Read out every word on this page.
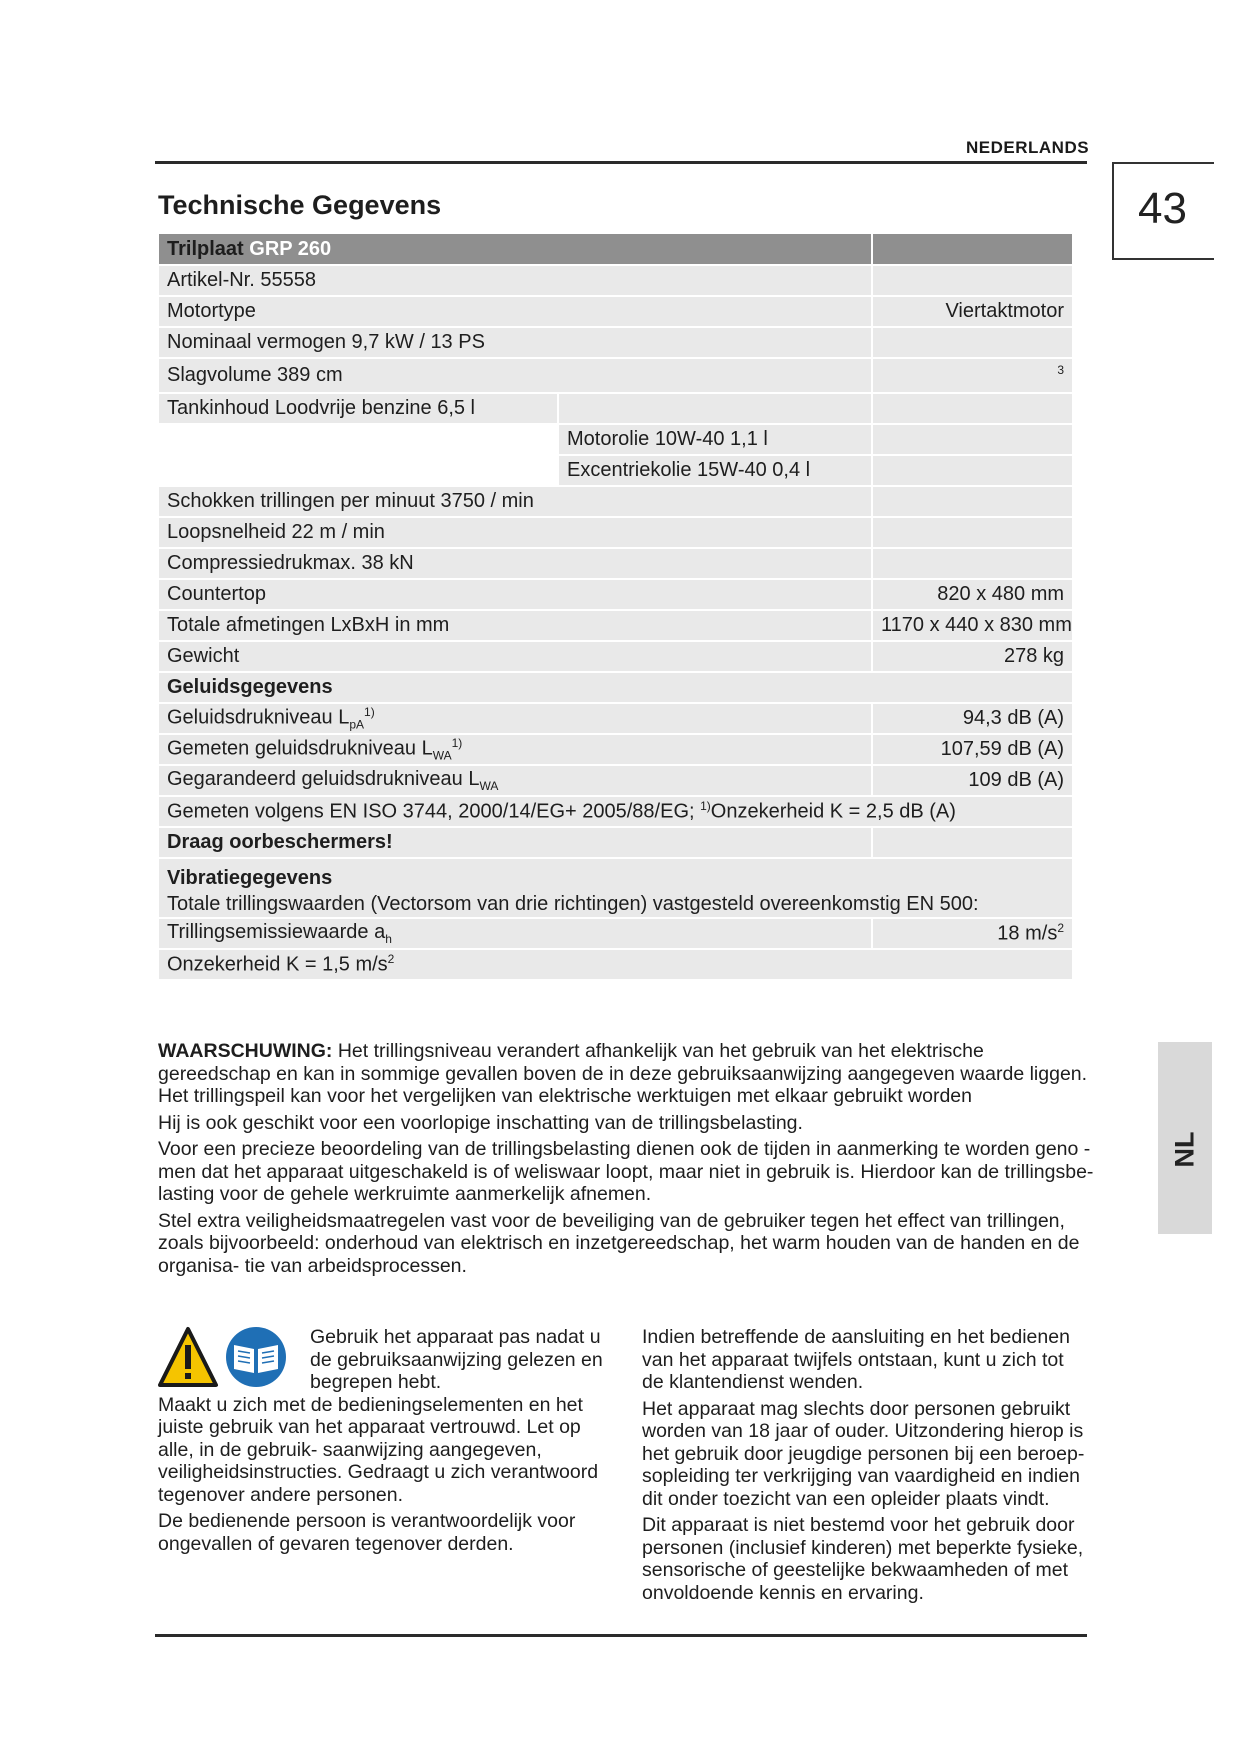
NEDERLANDS
43
Technische Gegevens
NL
Trilplaat GRP 260		
Artikel-Nr. 55558		
Motortype		Viertaktmotor
Nominaal vermogen 9,7 kW / 13 PS		
Slagvolume 389 cm		3
Tankinhoud Loodvrije benzine 6,5 l		
	Motorolie 10W-40 1,1 l	
	Excentriekolie 15W-40 0,4 l	
Schokken trillingen per minuut 3750 / min		
Loopsnelheid 22 m / min		
Compressiedrukmax. 38 kN		
Countertop		820 x 480 mm
Totale afmetingen LxBxH in mm		1170 x 440 x 830 mm
Gewicht		278 kg
Geluidsgegevens		
Geluidsdrukniveau $L_{pA}^{1)}$		94,3 dB (A)
Gemeten geluidsdrukniveau $L_{WA}^{1)}$		107,59 dB (A)
Gegarandeerd geluidsdrukniveau $L_{WA}$		109 dB (A)
Gemeten volgens EN ISO 3744, 2000/14/EG+ 2005/88/EG; $^{1)}$Onzekerheid K = 2,5 dB (A)		
Draag oorbeschermers!		
Vibratiegegevens
Totale trillingswaarden (Vectorsom van drie richtingen) vastgesteld overeenkomstig EN 500:		
Trillingsemissiewaarde $a_h$		18 $m/s^2$
Onzekerheid K = 1,5 $m/s^2$

WAARSCHUWING: Het trillingsniveau verandert afhankelijk van het gebruik van het elektrische gereedschap en kan in sommige gevallen boven de in deze gebruiksaanwijzing aangegeven waarde liggen.
Het trillingspeil kan voor het vergelijken van elektrische werktuigen met elkaar gebruikt worden

Hij is ook geschikt voor een voorlopige inschatting van de trillingsbelasting.

Voor een precieze beoordeling van de trillingsbelasting dienen ook de tijden in aanmerking te worden geno - men dat het apparaat uitgeschakeld is of weliswaar loopt, maar niet in gebruik is. Hierdoor kan de trillingsbe- lasting voor de gehele werkruimte aanmerkelijk afnemen.

Stel extra veiligheidsmaatregelen vast voor de beveiliging van de gebruiker tegen het effect van trillingen, zoals bijvoorbeeld: onderhoud van elektrisch en inzetgereedschap, het warm houden van de handen en de organisa- tie van arbeidsprocessen.

Gebruik het apparaat pas nadat u de gebruiksaanwijzing gelezen en begrepen hebt.

Maakt u zich met de bedieningselementen en het juiste gebruik van het apparaat vertrouwd. Let op alle, in de gebruik- saanwijzing aangegeven, veiligheidsinstructies. Gedraagt u zich verantwoord tegenover andere personen.

De bedienende persoon is verantwoordelijk voor ongevallen of gevaren tegenover derden.

Indien betreffende de aansluiting en het bedienen van het apparaat twijfels ontstaan, kunt u zich tot de klantendienst wenden.

Het apparaat mag slechts door personen gebruikt worden van 18 jaar of ouder. Uitzondering hierop is het gebruik door jeugdige personen bij een beroep- sopleiding ter verkrijging van vaardigheid en indien dit onder toezicht van een opleider plaats vindt.

Dit apparaat is niet bestemd voor het gebruik door personen (inclusief kinderen) met beperkte fysieke, sensorische of geestelijke bekwaamheden of met onvoldoende kennis en ervaring.
